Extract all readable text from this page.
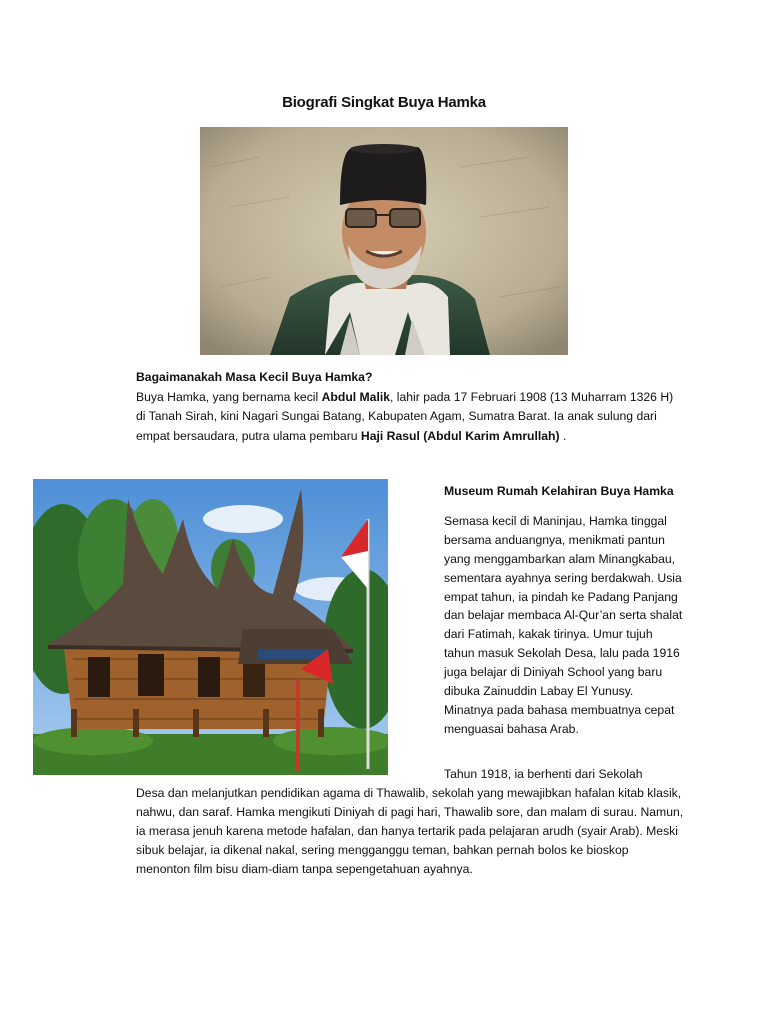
Biografi Singkat Buya Hamka
Bagaimanakah Masa Kecil Buya Hamka?
Buya Hamka, yang bernama kecil Abdul Malik, lahir pada 17 Februari 1908 (13 Muharram 1326 H) di Tanah Sirah, kini Nagari Sungai Batang, Kabupaten Agam, Sumatra Barat. Ia anak sulung dari empat bersaudara, putra ulama pembaru Haji Rasul (Abdul Karim Amrullah) .
Museum Rumah Kelahiran Buya Hamka
Semasa kecil di Maninjau, Hamka tinggal bersama anduangnya, menikmati pantun yang menggambarkan alam Minangkabau, sementara ayahnya sering berdakwah. Usia empat tahun, ia pindah ke Padang Panjang dan belajar membaca Al-Qur’an serta shalat dari Fatimah, kakak tirinya. Umur tujuh tahun masuk Sekolah Desa, lalu pada 1916 juga belajar di Diniyah School yang baru dibuka Zainuddin Labay El Yunusy. Minatnya pada bahasa membuatnya cepat menguasai bahasa Arab.
Tahun 1918, ia berhenti dari Sekolah
Desa dan melanjutkan pendidikan agama di Thawalib, sekolah yang mewajibkan hafalan kitab klasik, nahwu, dan saraf. Hamka mengikuti Diniyah di pagi hari, Thawalib sore, dan malam di surau. Namun, ia merasa jenuh karena metode hafalan, dan hanya tertarik pada pelajaran arudh (syair Arab). Meski sibuk belajar, ia dikenal nakal, sering mengganggu teman, bahkan pernah bolos ke bioskop menonton film bisu diam-diam tanpa sepengetahuan ayahnya.
